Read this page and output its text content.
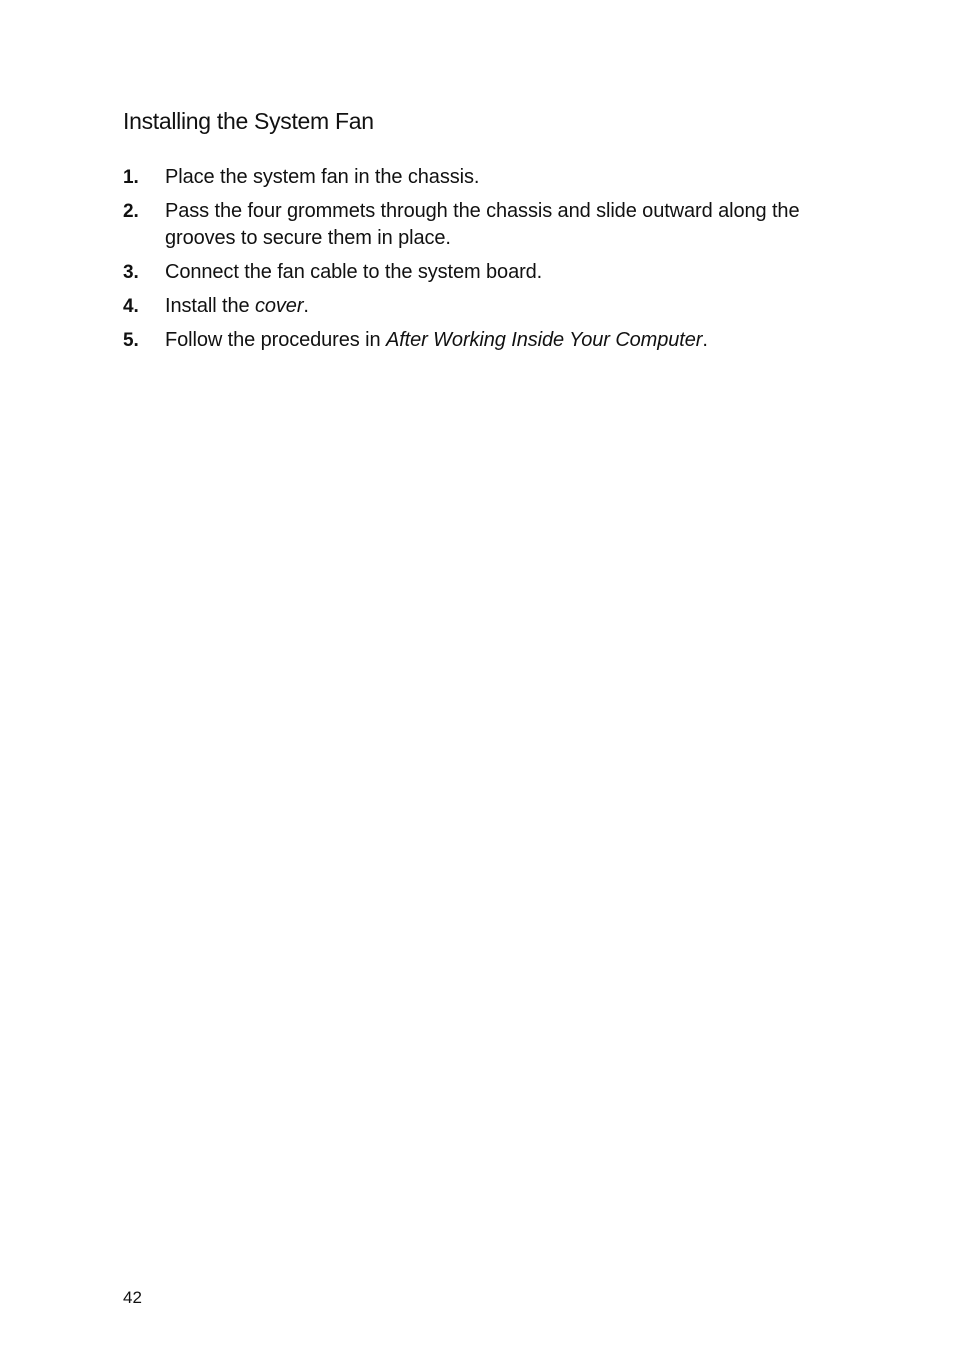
Installing the System Fan
1. Place the system fan in the chassis.
2. Pass the four grommets through the chassis and slide outward along the grooves to secure them in place.
3. Connect the fan cable to the system board.
4. Install the cover.
5. Follow the procedures in After Working Inside Your Computer.
42
